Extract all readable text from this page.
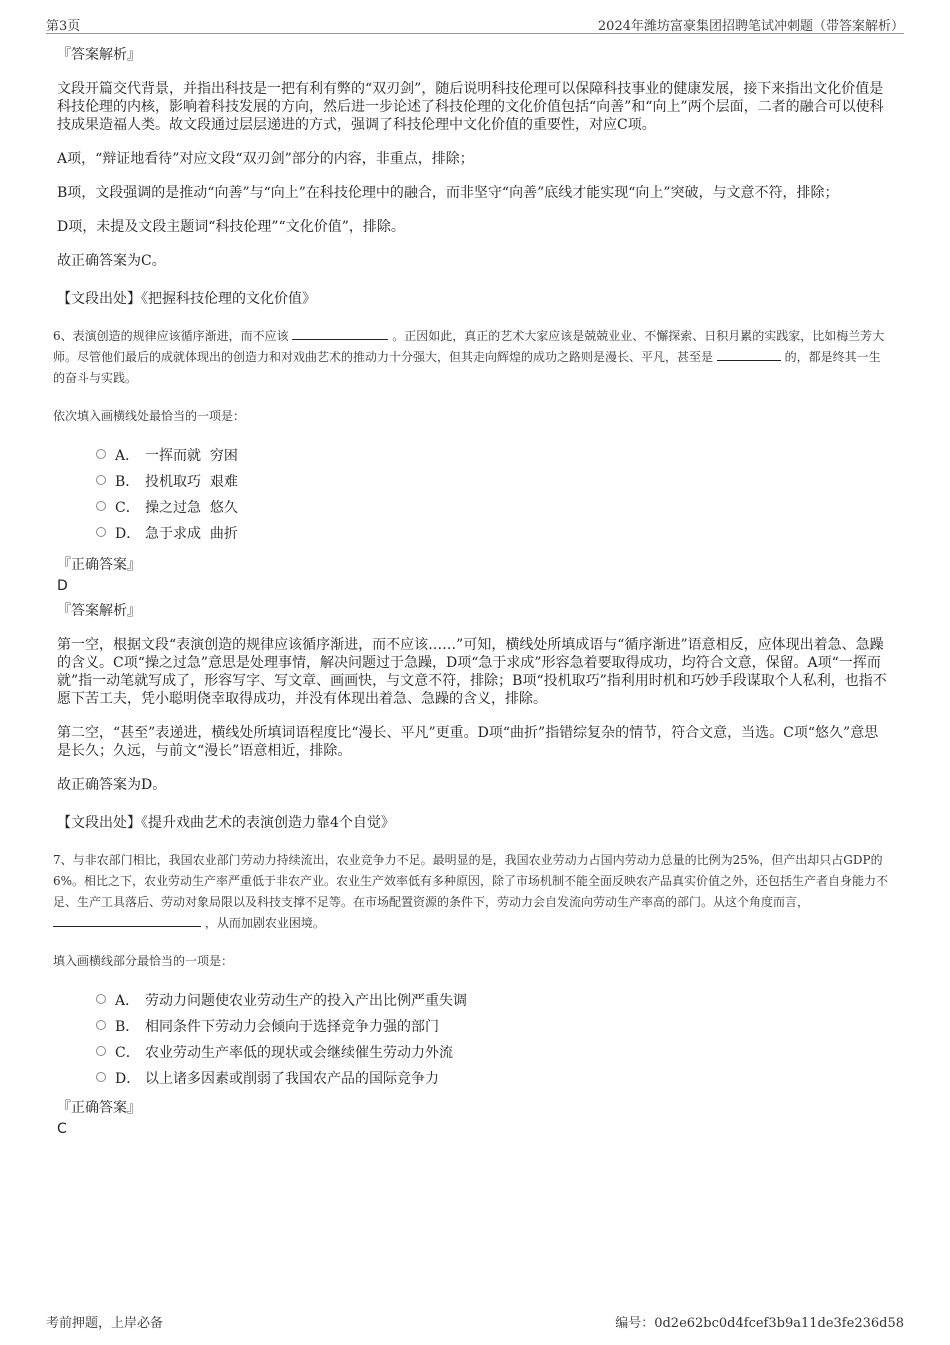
第3页	2024年潍坊富豪集团招聘笔试冲刺题（带答案解析）
『答案解析』

文段开篇交代背景，并指出科技是一把有利有弊的“双刃剑”，随后说明科技伦理可以保障科技事业的健康发展，接下来指出文化价值是科技伦理的内核，影响着科技发展的方向，然后进一步论述了科技伦理的文化价值包括“向善”和“向上”两个层面，二者的融合可以使科技成果造福人类。故文段通过层层递进的方式，强调了科技伦理中文化价值的重要性，对应C项。

A项，“辩证地看待”对应文段“双刃剑”部分的内容，非重点，排除；

B项，文段强调的是推动“向善”与“向上”在科技伦理中的融合，而非坚守“向善”底线才能实现“向上”突破，与文意不符，排除；

D项，未提及文段主题词“科技伦理”“文化价值”，排除。

故正确答案为C。

【文段出处】《把握科技伦理的文化价值》
6、表演创造的规律应该循序渐进，而不应该	。正因如此，真正的艺术大家应该是兢兢业业、不懈探索、日积月累的实践家，比如梅兰芳大师。尽管他们最后的成就体现出的创造力和对戏曲艺术的推动力十分强大，但其走向辉煌的成功之路则是漫长、平凡，甚至是	的，都是终其一生的奋斗与实践。
依次填入画横线处最恰当的一项是：
A． 一挥而就  穷困
B． 投机取巧  艰难
C． 操之过急  悠久
D． 急于求成  曲折
『正确答案』
D
『答案解析』

第一空，根据文段“表演创造的规律应该循序渐进，而不应该……”可知，横线处所填成语与“循序渐进”语意相反，应体现出着急、急躁的含义。C项“操之过急”意思是处理事情，解决问题过于急躁，D项“急于求成”形容急着要取得成功，均符合文意，保留。A项“一挥而就”指一动笔就写成了，形容写字、写文章、画画快，与文意不符，排除；B项“投机取巧”指利用时机和巧妙手段谋取个人私利，也指不愿下苦工夫，凭小聪明侥幸取得成功，并没有体现出着急、急躁的含义，排除。

第二空，“甚至”表递进，横线处所填词语程度比“漫长、平凡”更重。D项“曲折”指错综复杂的情节，符合文意，当选。C项“悠久”意思是长久；久远，与前文“漫长”语意相近，排除。

故正确答案为D。

【文段出处】《提升戏曲艺术的表演创造力靠4个自觉》
7、与非农部门相比，我国农业部门劳动力持续流出，农业竞争力不足。最明显的是，我国农业劳动力占国内劳动力总量的比例为25%，但产出却只占GDP的6%。相比之下，农业劳动生产率严重低于非农产业。农业生产效率低有多种原因，除了市场机制不能全面反映农产品真实价值之外，还包括生产者自身能力不足、生产工具落后、劳动对象局限以及科技支撑不足等。在市场配置资源的条件下，劳动力会自发流向劳动生产率高的部门。从这个角度而言，  ，从而加剧农业困境。
填入画横线部分最恰当的一项是：
A． 劳动力问题使农业劳动生产的投入产出比例严重失调
B． 相同条件下劳动力会倾向于选择竞争力强的部门
C． 农业劳动生产率低的现状或会继续催生劳动力外流
D． 以上诸多因素或削弱了我国农产品的国际竞争力
『正确答案』
C
考前押题，上岸必备	编号：0d2e62bc0d4fcef3b9a11de3fe236d58
